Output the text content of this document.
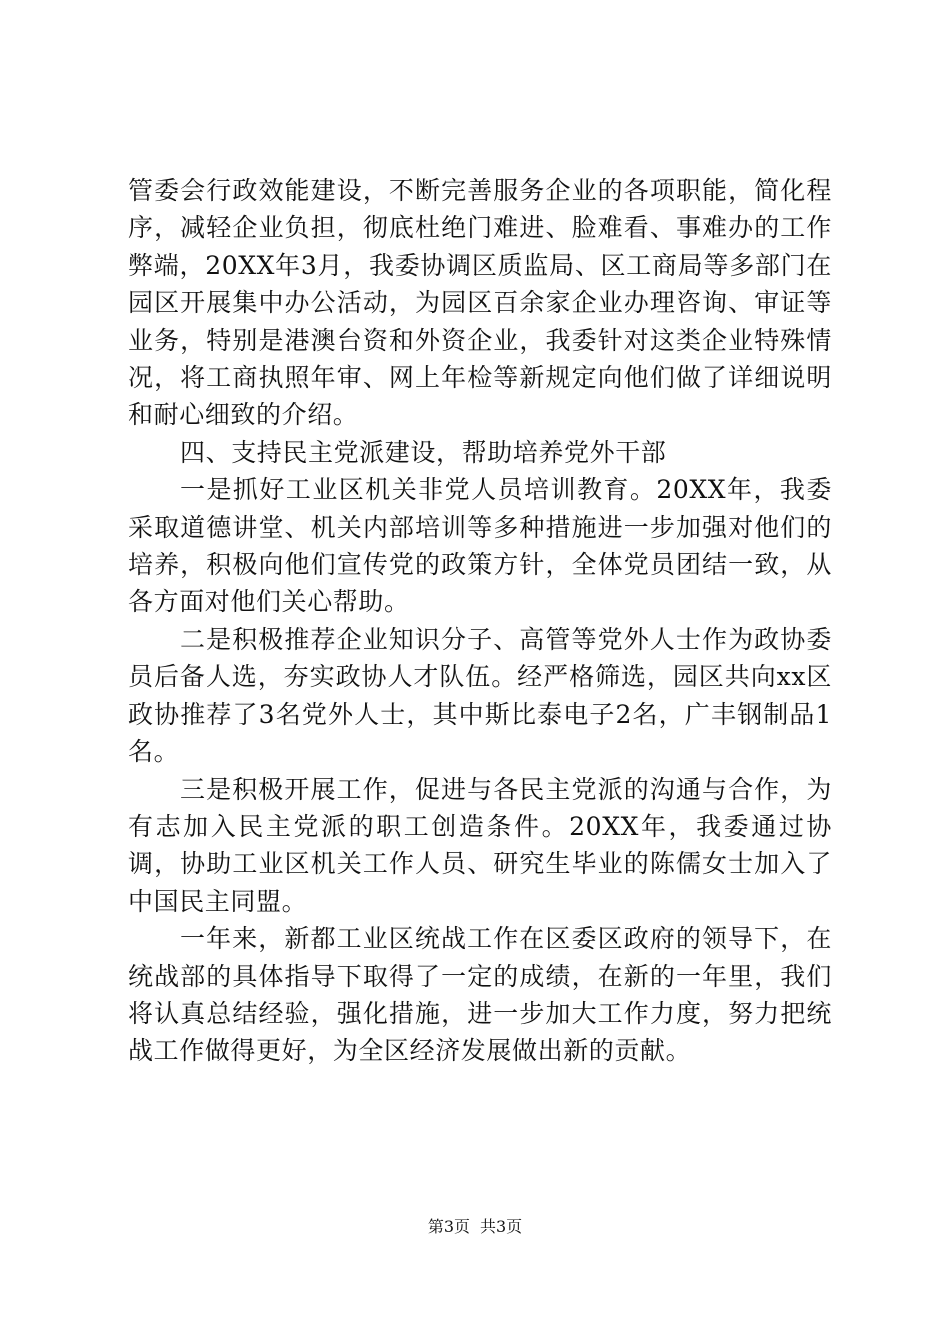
管委会行政效能建设，不断完善服务企业的各项职能，简化程序，减轻企业负担，彻底杜绝门难进、脸难看、事难办的工作弊端，20XX年3月，我委协调区质监局、区工商局等多部门在园区开展集中办公活动，为园区百余家企业办理咨询、审证等业务，特别是港澳台资和外资企业，我委针对这类企业特殊情况，将工商执照年审、网上年检等新规定向他们做了详细说明和耐心细致的介绍。

四、支持民主党派建设，帮助培养党外干部

一是抓好工业区机关非党人员培训教育。20XX年，我委采取道德讲堂、机关内部培训等多种措施进一步加强对他们的培养，积极向他们宣传党的政策方针，全体党员团结一致，从各方面对他们关心帮助。

二是积极推荐企业知识分子、高管等党外人士作为政协委员后备人选，夯实政协人才队伍。经严格筛选，园区共向xx区政协推荐了3名党外人士，其中斯比泰电子2名，广丰钢制品1名。

三是积极开展工作，促进与各民主党派的沟通与合作，为有志加入民主党派的职工创造条件。20XX年，我委通过协调，协助工业区机关工作人员、研究生毕业的陈儒女士加入了中国民主同盟。

一年来，新都工业区统战工作在区委区政府的领导下，在统战部的具体指导下取得了一定的成绩，在新的一年里，我们将认真总结经验，强化措施，进一步加大工作力度，努力把统战工作做得更好，为全区经济发展做出新的贡献。

第3页 共3页
